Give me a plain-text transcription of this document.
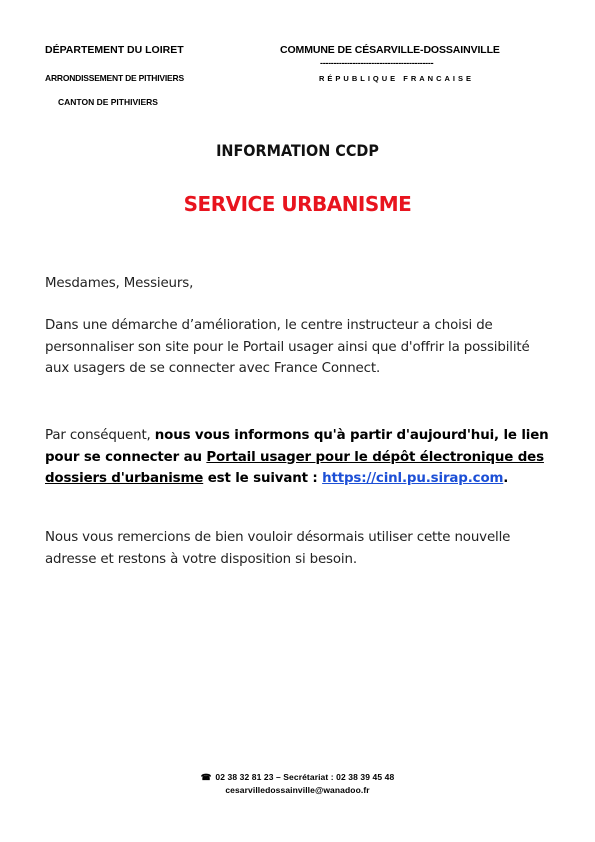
DÉPARTEMENT DU LOIRET
ARRONDISSEMENT DE PITHIVIERS
CANTON DE PITHIVIERS
COMMUNE DE CÉSARVILLE-DOSSAINVILLE
------------------------------------------
RÉPUBLIQUE FRANCAISE
INFORMATION CCDP
SERVICE URBANISME
Mesdames, Messieurs,
Dans une démarche d’amélioration, le centre instructeur a choisi de personnaliser son site pour le Portail usager ainsi que d'offrir la possibilité aux usagers de se connecter avec France Connect.
Par conséquent, nous vous informons qu'à partir d'aujourd'hui, le lien pour se connecter au Portail usager pour le dépôt électronique des dossiers d'urbanisme est le suivant : https://cinl.pu.sirap.com.
Nous vous remercions de bien vouloir désormais utiliser cette nouvelle adresse et restons à votre disposition si besoin.
☎ 02 38 32 81 23 – Secrétariat : 02 38 39 45 48
cesarvilledossainville@wanadoo.fr
